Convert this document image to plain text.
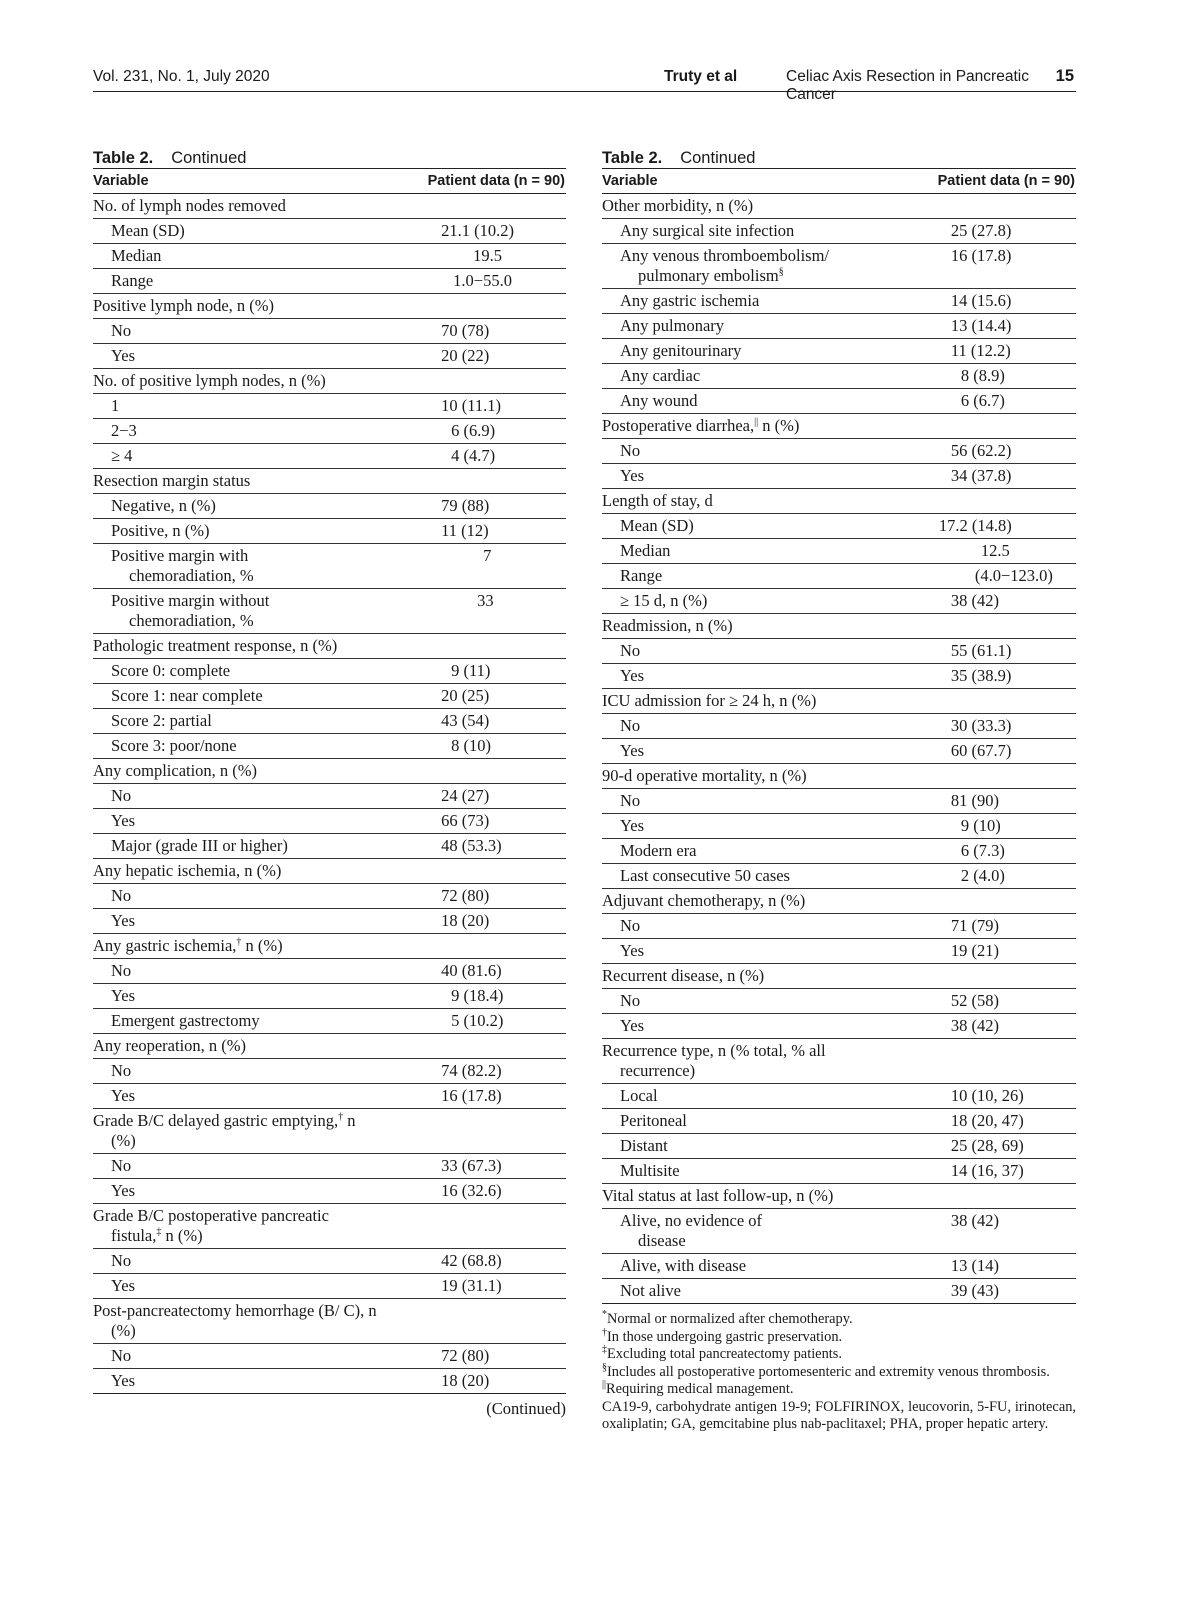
Vol. 231, No. 1, July 2020	Truty et al	Celiac Axis Resection in Pancreatic Cancer
15
Table 2. Continued
Variable	Patient data (n = 90)

No. of lymph nodes removed	

Mean (SD)	21.1 (10.2)

Median	19.5

Range	1.0−55.0

Positive lymph node, n (%)	

No	70 (78)

Yes	20 (22)

No. of positive lymph nodes, n (%)	

1	10 (11.1)

2−3	6 (6.9)

≥ 4	4 (4.7)

Resection margin status	

Negative, n (%)	79 (88)

Positive, n (%)	11 (12)

Positive margin with chemoradiation, %	7

Positive margin without chemoradiation, %	33

Pathologic treatment response, n (%)	

Score 0: complete	9 (11)

Score 1: near complete	20 (25)

Score 2: partial	43 (54)

Score 3: poor/none	8 (10)

Any complication, n (%)	

No	24 (27)

Yes	66 (73)

Major (grade III or higher)	48 (53.3)

Any hepatic ischemia, n (%)	

No	72 (80)

Yes	18 (20)

Any gastric ischemia,† n (%)	

No	40 (81.6)

Yes	9 (18.4)

Emergent gastrectomy	5 (10.2)

Any reoperation, n (%)	

No	74 (82.2)

Yes	16 (17.8)

Grade B/C delayed gastric emptying,† n (%)	

No	33 (67.3)

Yes	16 (32.6)

Grade B/C postoperative pancreatic fistula,‡ n (%)	

No	42 (68.8)

Yes	19 (31.1)

Post-pancreatectomy hemorrhage (B/ C), n (%)	

No	72 (80)

Yes	18 (20)
(Continued)
Table 2. Continued
Variable	Patient data (n = 90)

Other morbidity, n (%)	

Any surgical site infection	25 (27.8)

Any venous thromboembolism/ pulmonary embolism§	16 (17.8)

Any gastric ischemia	14 (15.6)

Any pulmonary	13 (14.4)

Any genitourinary	11 (12.2)

Any cardiac	8 (8.9)

Any wound	6 (6.7)

Postoperative diarrhea,|| n (%)	

No	56 (62.2)

Yes	34 (37.8)

Length of stay, d	

Mean (SD)	17.2 (14.8)

Median	12.5

Range	(4.0−123.0)

≥ 15 d, n (%)	38 (42)

Readmission, n (%)	

No	55 (61.1)

Yes	35 (38.9)

ICU admission for ≥ 24 h, n (%)	

No	30 (33.3)

Yes	60 (67.7)

90-d operative mortality, n (%)	

No	81 (90)

Yes	9 (10)

Modern era	6 (7.3)

Last consecutive 50 cases	2 (4.0)

Adjuvant chemotherapy, n (%)	

No	71 (79)

Yes	19 (21)

Recurrent disease, n (%)	

No	52 (58)

Yes	38 (42)

Recurrence type, n (% total, % all recurrence)	

Local	10 (10, 26)

Peritoneal	18 (20, 47)

Distant	25 (28, 69)

Multisite	14 (16, 37)

Vital status at last follow-up, n (%)	

Alive, no evidence of disease	38 (42)

Alive, with disease	13 (14)

Not alive	39 (43)

*Normal or normalized after chemotherapy.

†In those undergoing gastric preservation.

‡Excluding total pancreatectomy patients.

§Includes all postoperative portomesenteric and extremity venous thrombosis.

||Requiring medical management.

CA19-9, carbohydrate antigen 19-9; FOLFIRINOX, leucovorin, 5-FU, irinotecan, oxaliplatin; GA, gemcitabine plus nab-paclitaxel; PHA, proper hepatic artery.
